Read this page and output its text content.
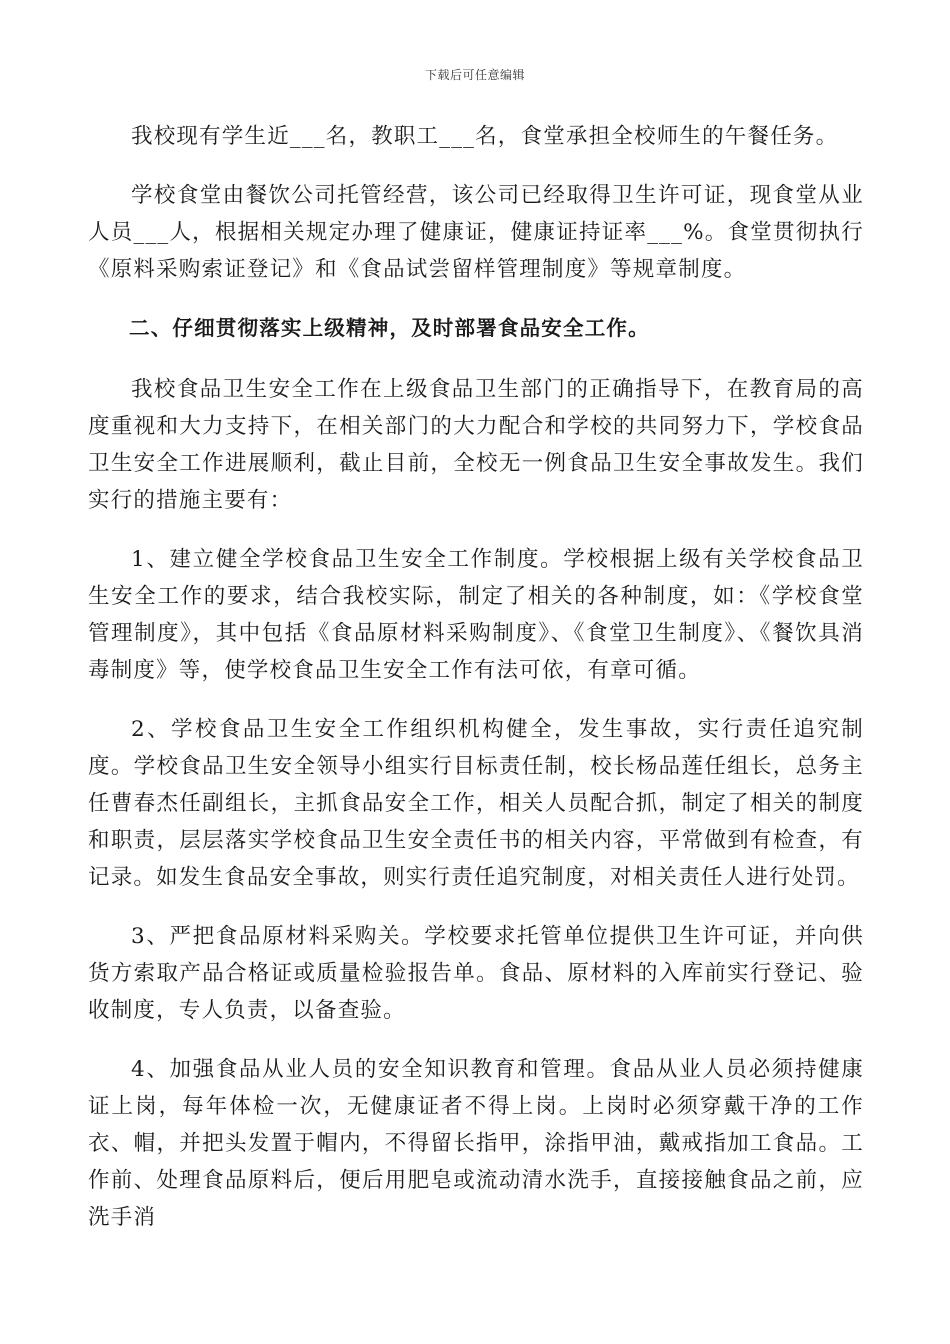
下载后可任意编辑

我校现有学生近___名，教职工___名，食堂承担全校师生的午餐任务。

学校食堂由餐饮公司托管经营，该公司已经取得卫生许可证，现食堂从业人员___人，根据相关规定办理了健康证，健康证持证率___%。食堂贯彻执行《原料采购索证登记》和《食品试尝留样管理制度》等规章制度。

二、仔细贯彻落实上级精神，及时部署食品安全工作。

我校食品卫生安全工作在上级食品卫生部门的正确指导下，在教育局的高度重视和大力支持下，在相关部门的大力配合和学校的共同努力下，学校食品卫生安全工作进展顺利，截止目前，全校无一例食品卫生安全事故发生。我们实行的措施主要有：

1、建立健全学校食品卫生安全工作制度。学校根据上级有关学校食品卫生安全工作的要求，结合我校实际，制定了相关的各种制度，如：《学校食堂管理制度》，其中包括《食品原材料采购制度》、《食堂卫生制度》、《餐饮具消毒制度》等，使学校食品卫生安全工作有法可依，有章可循。

2、学校食品卫生安全工作组织机构健全，发生事故，实行责任追究制度。学校食品卫生安全领导小组实行目标责任制，校长杨品莲任组长，总务主任曹春杰任副组长，主抓食品安全工作，相关人员配合抓，制定了相关的制度和职责，层层落实学校食品卫生安全责任书的相关内容，平常做到有检查，有记录。如发生食品安全事故，则实行责任追究制度，对相关责任人进行处罚。

3、严把食品原材料采购关。学校要求托管单位提供卫生许可证，并向供货方索取产品合格证或质量检验报告单。食品、原材料的入库前实行登记、验收制度，专人负责，以备查验。

4、加强食品从业人员的安全知识教育和管理。食品从业人员必须持健康证上岗，每年体检一次，无健康证者不得上岗。上岗时必须穿戴干净的工作衣、帽，并把头发置于帽内，不得留长指甲，涂指甲油，戴戒指加工食品。工作前、处理食品原料后，便后用肥皂或流动清水洗手，直接接触食品之前，应洗手消
